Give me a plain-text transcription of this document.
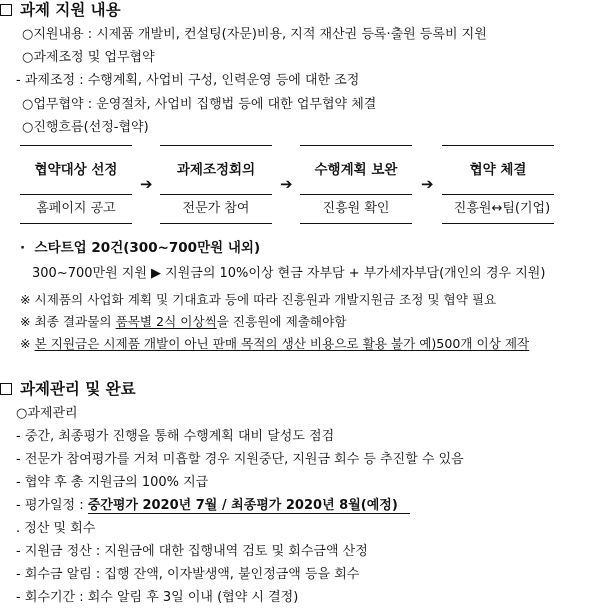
과제 지원 내용
○지원내용 : 시제품 개발비, 컨설팅(자문)비용, 지적 재산권 등록·출원 등록비 지원
○과제조정 및 업무협약
- 과제조정 : 수행계획, 사업비 구성, 인력운영 등에 대한 조정
○업무협약 : 운영절차, 사업비 집행법 등에 대한 업무협약 체결
○진행흐름(선정-협약)
협약대상 선정	과제조정회의	수행계획 보완	협약 체결
➔	➔	➔
홈페이지 공고	전문가 참여	진흥원 확인	진흥원↔팀(기업)
· 스타트업 20건(300~700만원 내외)
300~700만원 지원 ▶ 지원금의 10%이상 현금 자부담 + 부가세자부담(개인의 경우 지원)
※ 시제품의 사업화 계획 및 기대효과 등에 따라 진흥원과 개발지원금 조정 및 협약 필요
※ 최종 결과물의 품목별 2식 이상씩을 진흥원에 제출해야함
※ 본 지원금은 시제품 개발이 아닌 판매 목적의 생산 비용으로 활용 불가 예)500개 이상 제작
과제관리 및 완료
○과제관리
- 중간, 최종평가 진행을 통해 수행계획 대비 달성도 점검
- 전문가 참여평가를 거쳐 미흡할 경우 지원중단, 지원금 회수 등 추진할 수 있음
- 협약 후 총 지원금의 100% 지급
- 평가일정 : 중간평가 2020년 7월 / 최종평가 2020년 8월(예정)
. 정산 및 회수
- 지원금 정산 : 지원금에 대한 집행내역 검토 및 회수금액 산정
- 회수금 알림 : 집행 잔액, 이자발생액, 불인정금액 등을 회수
- 회수기간 : 회수 알림 후 3일 이내 (협약 시 결정)
